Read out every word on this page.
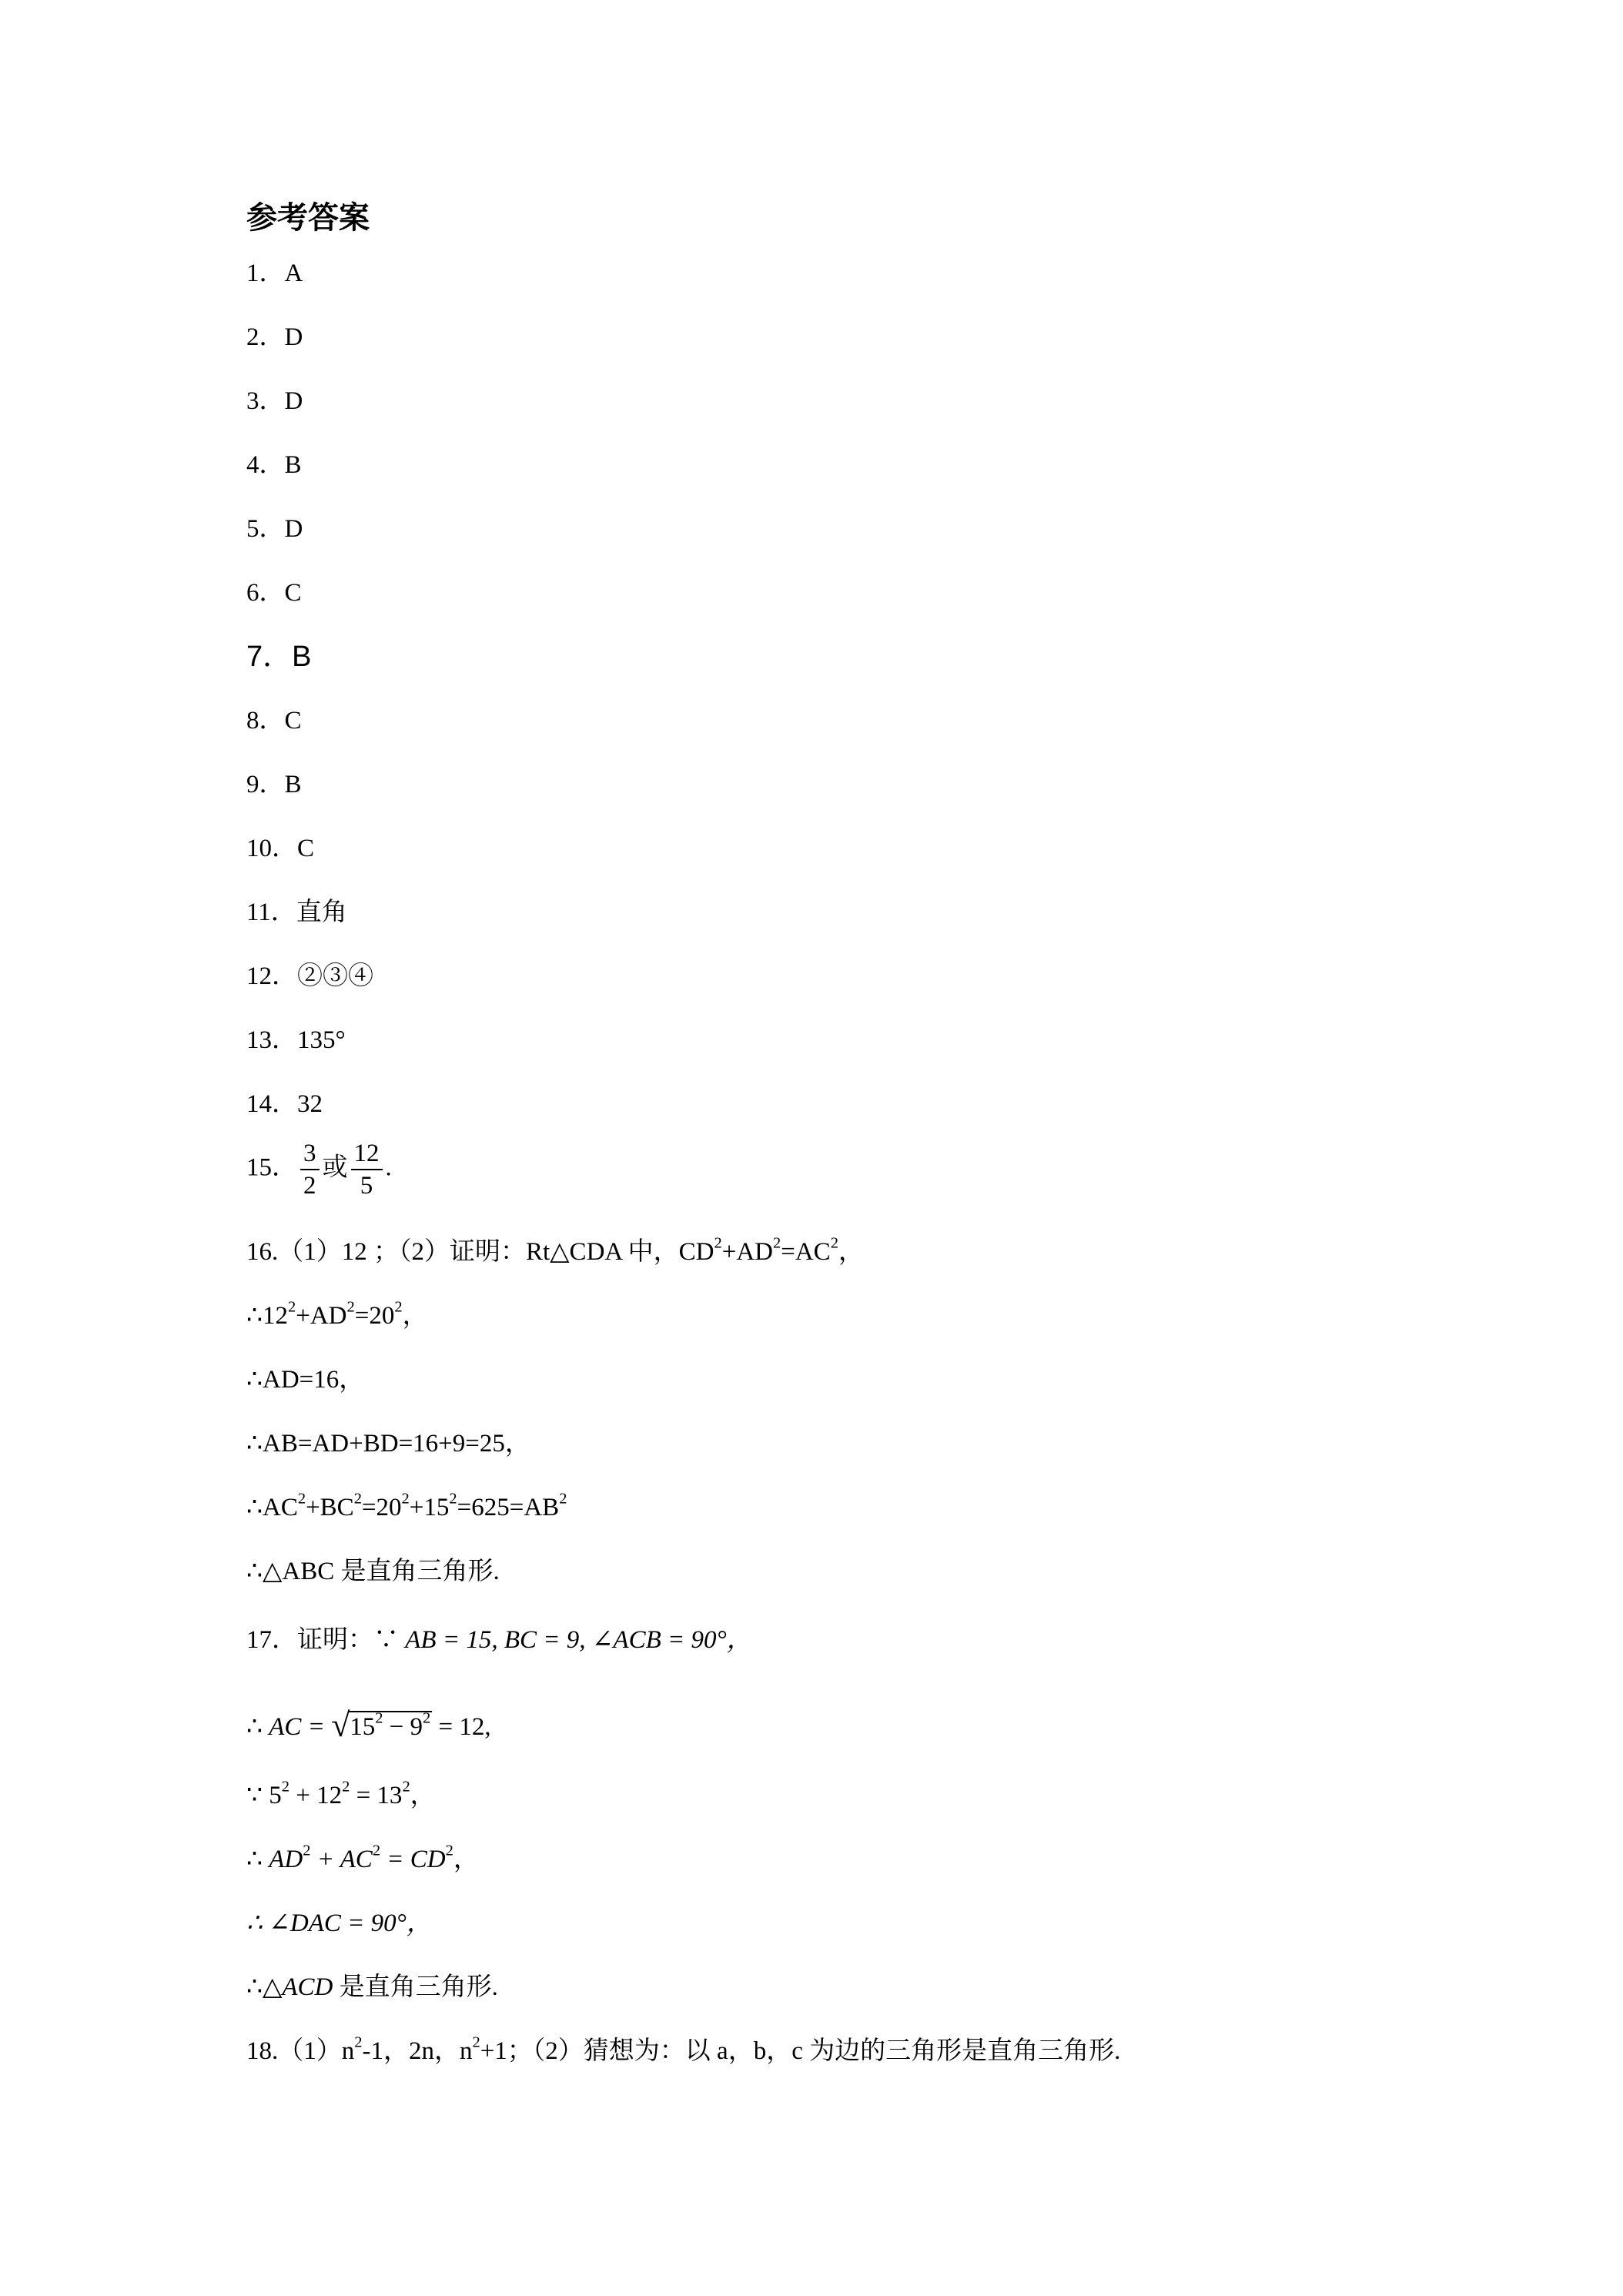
参考答案
1．A
2．D
3．D
4．B
5．D
6．C
7．B
8．C
9．B
10．C
11．直角
12．②③④
13．135°
14．32
15． $\frac{3}{2}$ 或 $\frac{12}{5}$ .
16.（1）12 ；（2）证明：Rt△CDA 中，$CD^2+AD^2=AC^2$，
$\therefore 12^2+AD^2=20^2$，
∴AD=16，
∴AB=AD+BD=16+9=25，
$\therefore AC^2+BC^2=20^2+15^2=625=AB^2$
∴△ABC 是直角三角形.
17．证明：∵ AB = 15, BC = 9, ∠ACB = 90°，
∴ AC = √ $15^2 - 9^2 = 12$,
∵ $5^2 + 12^2 = 13^2$，
∴ $AD^2 + AC^2 = CD^2$，
∴ ∠DAC = 90°，
∴△ACD 是直角三角形.
$18.(1)n^2-1$，2n，$n^2+1$；（2）猜想为：以 a，b，c 为边的三角形是直角三角形.
